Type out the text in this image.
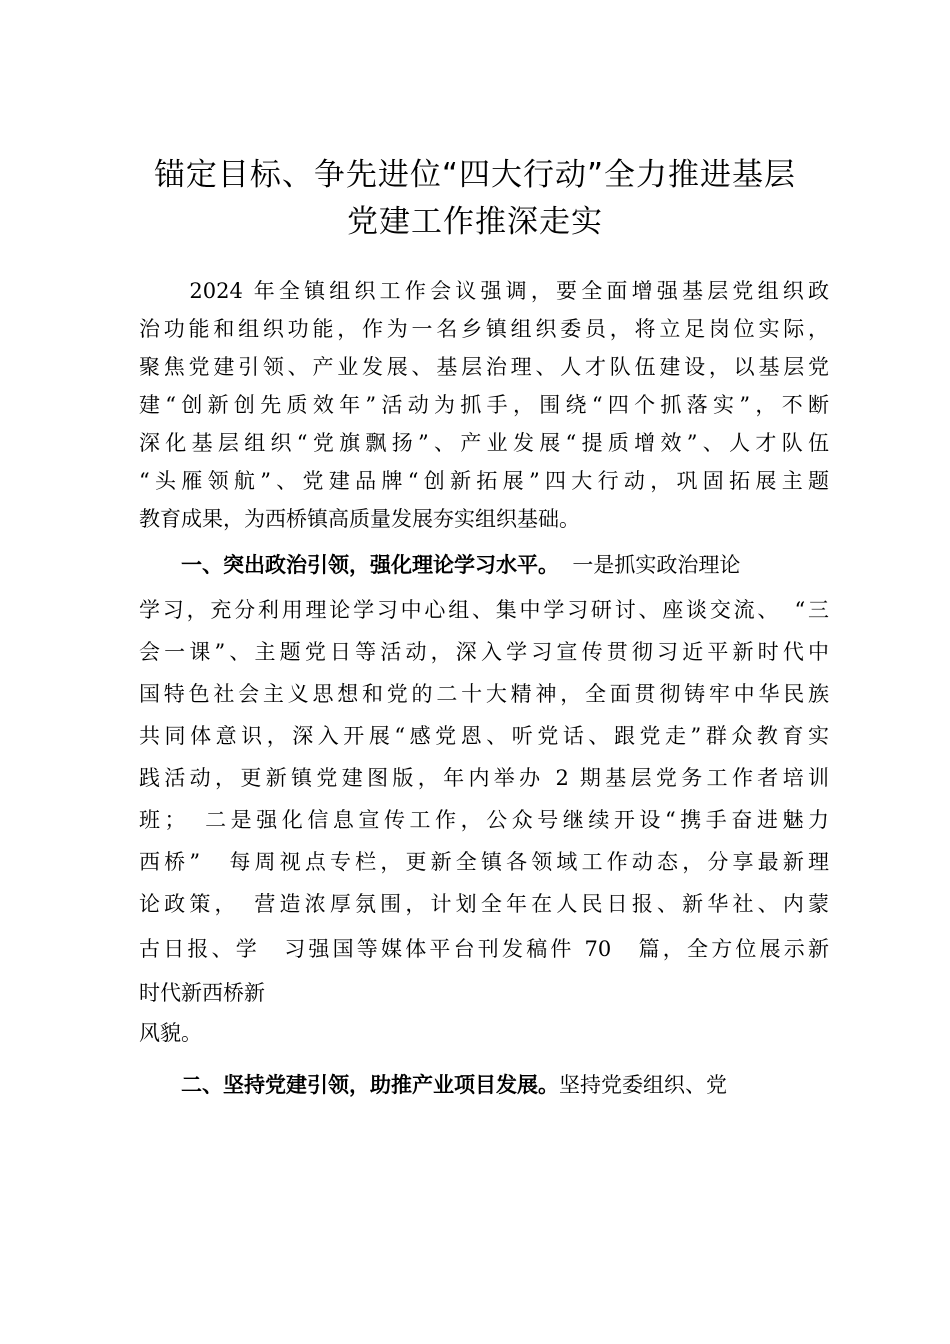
锚定目标、争先进位“四大行动”全力推进基层
党建工作推深走实
　　2024 年全镇组织工作会议强调，要全面增强基层党组织政
治功能和组织功能，作为一名乡镇组织委员，将立足岗位实际，
聚焦党建引领、产业发展、基层治理、人才队伍建设，以基层党
建“创新创先质效年”活动为抓手，围绕“四个抓落实”，不断
深化基层组织“党旗飘扬”、产业发展“提质增效”、人才队伍
“头雁领航”、党建品牌“创新拓展”四大行动，巩固拓展主题
教育成果，为西桥镇高质量发展夯实组织基础。
　　一、突出政治引领，强化理论学习水平。  一是抓实政治理论
学习，充分利用理论学习中心组、集中学习研讨、座谈交流、　“三
会一课”、主题党日等活动，深入学习宣传贯彻习近平新时代中
国特色社会主义思想和党的二十大精神，全面贯彻铸牢中华民族
共同体意识，深入开展“感党恩、听党话、跟党走”群众教育实
践活动，更新镇党建图版，年内举办 2 期基层党务工作者培训
班；　二是强化信息宣传工作，公众号继续开设“携手奋进魅力
西桥”　每周视点专栏，更新全镇各领域工作动态，分享最新理
论政策，　营造浓厚氛围，计划全年在人民日报、新华社、内蒙
古日报、学　习强国等媒体平台刊发稿件 70　篇，全方位展示新
时代新西桥新
风貌。
　　二、坚持党建引领，助推产业项目发展。坚持党委组织、党
